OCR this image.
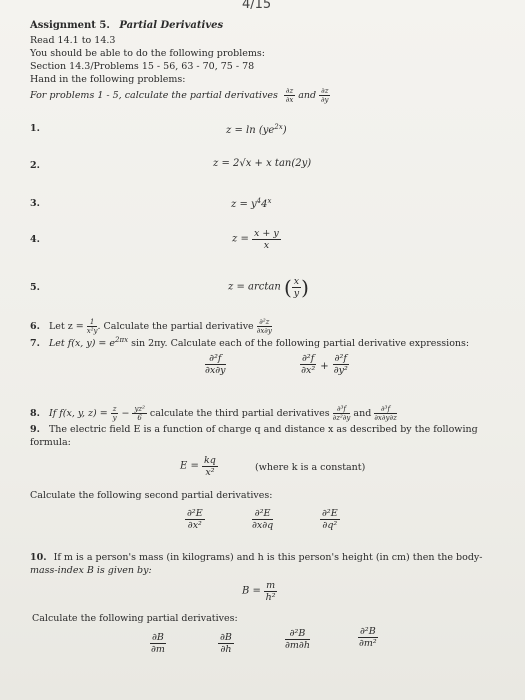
4/15
Assignment 5. Partial Derivatives
Read 14.1 to 14.3
You should be able to do the following problems:
Section 14.3/Problems 15 - 56, 63 - 70, 75 - 78
Hand in the following problems:
For problems 1 - 5, calculate the partial derivatives $\frac{\partial z}{\partial x}$ and $\frac{\partial z}{\partial y}$
1.	$z = \ln (ye^{2x})$
2.	z = 2√x + x tan(2y)
3.	$z = y^44^x$
4.	$z = \frac{x + y}{x}$
5.	z = arctan ( $\frac{x}{y}$ )
6. Let $z = \frac{1}{\text{x²y}}$ . Calculate the partial derivative $\frac{\text{∂²z}}{\partial x\partial y}$
7. Let f(x, $y) = e^{2\pi x}$ sin 2πy. Calculate each of the following partial derivative expressions:
$\frac{\text{∂²f}}{\partial x\partial y}$	$\frac{\text{∂²f}}{\text{∂x²}} + \frac{\text{∂²f}}{\text{∂y²}}$
8. If f(x, y, $z) = \frac{z}{y} - \frac{\text{yz²}}{6}$ calculate the third partial derivatives $\frac{\text{∂³f}}{\text{∂z²∂y}}$ and $\frac{\text{∂³f}}{\partial x\partial y\partial z}$
9. The electric field E is a function of charge q and distance x as described by the following
formula:
$E = \frac{kq}{\text{x²}}$	(where k is a constant)
Calculate the following second partial derivatives:
$\frac{\text{∂²E}}{\text{∂x²}}$	$\frac{\text{∂²E}}{\partial x\partial q}$	$\frac{\text{∂²E}}{\text{∂q²}}$
10. If m is a person's mass (in kilograms) and h is this person's height (in cm) then the body-
mass-index B is given by:
$B = \frac{m}{\text{h²}}$
Calculate the following partial derivatives:
$\frac{\partial B}{\partial m}$	$\frac{\partial B}{\partial h}$	$\frac{\text{∂²B}}{\partial m\partial h}$	$\frac{\text{∂²B}}{\text{∂m²}}$
